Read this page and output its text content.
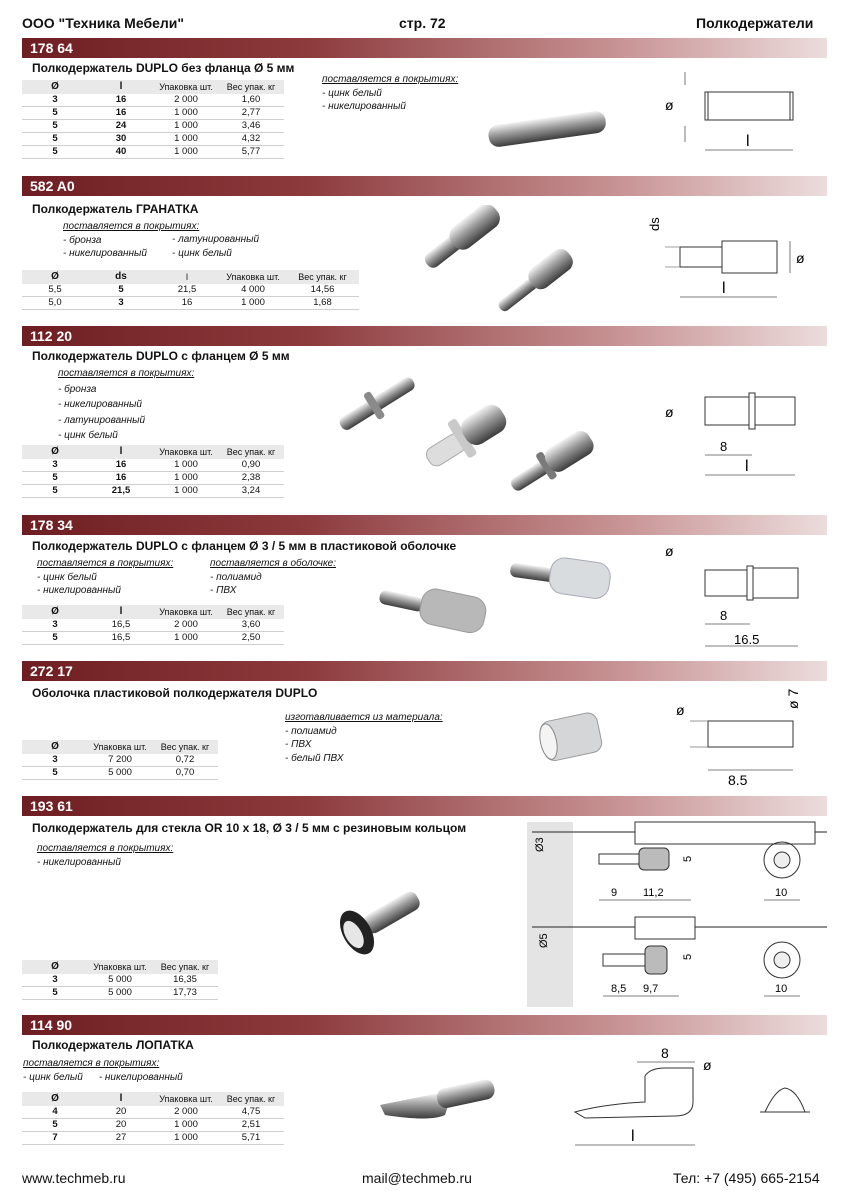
ООО "Техника Мебели"	стр. 72	Полкодержатели
178 64
Полкодержатель DUPLO без фланца Ø 5 мм
поставляется в покрытиях:
- цинк белый
- никелированный
Ø	l	Упаковка шт.	Вес упак. кг
3	16	2 000	1,60
5	16	1 000	2,77
5	24	1 000	3,46
5	30	1 000	4,32
5	40	1 000	5,77
ø
l
582 A0
Полкодержатель ГРАНАТКА
поставляется в покрытиях:
- бронза
- никелированный
- латунированный
- цинк белый
Ø	ds	l	Упаковка шт.	Вес упак. кг
5,5	5	21,5	4 000	14,56
5,0	3	16	1 000	1,68
ds
ø
l
112 20
Полкодержатель DUPLO с фланцем Ø 5 мм
поставляется в покрытиях:
- бронза
- никелированный
- латунированный
- цинк белый
Ø	l	Упаковка шт.	Вес упак. кг
3	16	1 000	0,90
5	16	1 000	2,38
5	21,5	1 000	3,24
ø
8
l
178 34
Полкодержатель DUPLO с фланцем Ø 3 / 5 мм в пластиковой оболочке
поставляется в покрытиях:
- цинк белый
- никелированный
поставляется в оболочке:
- полиамид
- ПВХ
Ø	l	Упаковка шт.	Вес упак. кг
3	16,5	2 000	3,60
5	16,5	1 000	2,50
ø
8
16.5
272 17
Оболочка пластиковой полкодержателя DUPLO
изготавливается из материала:
- полиамид
- ПВХ
- белый ПВХ
Ø	Упаковка шт.	Вес упак. кг
3	7 200	0,72
5	5 000	0,70
ø
ø 7
8.5
193 61
Полкодержатель для стекла OR 10 x 18, Ø 3 / 5 мм с резиновым кольцом
поставляется в покрытиях:
- никелированный
Ø	Упаковка шт.	Вес упак. кг
3	5 000	16,35
5	5 000	17,73
Ø3
5
9 11,2	10
Ø5
5
8,5 9,7	10
114 90
Полкодержатель ЛОПАТКА
поставляется в покрытиях:
- цинк белый - никелированный
Ø	l	Упаковка шт.	Вес упак. кг
4	20	2 000	4,75
5	20	1 000	2,51
7	27	1 000	5,71
8
ø
l
www.techmeb.ru	mail@techmeb.ru	Тел: +7 (495) 665-2154
